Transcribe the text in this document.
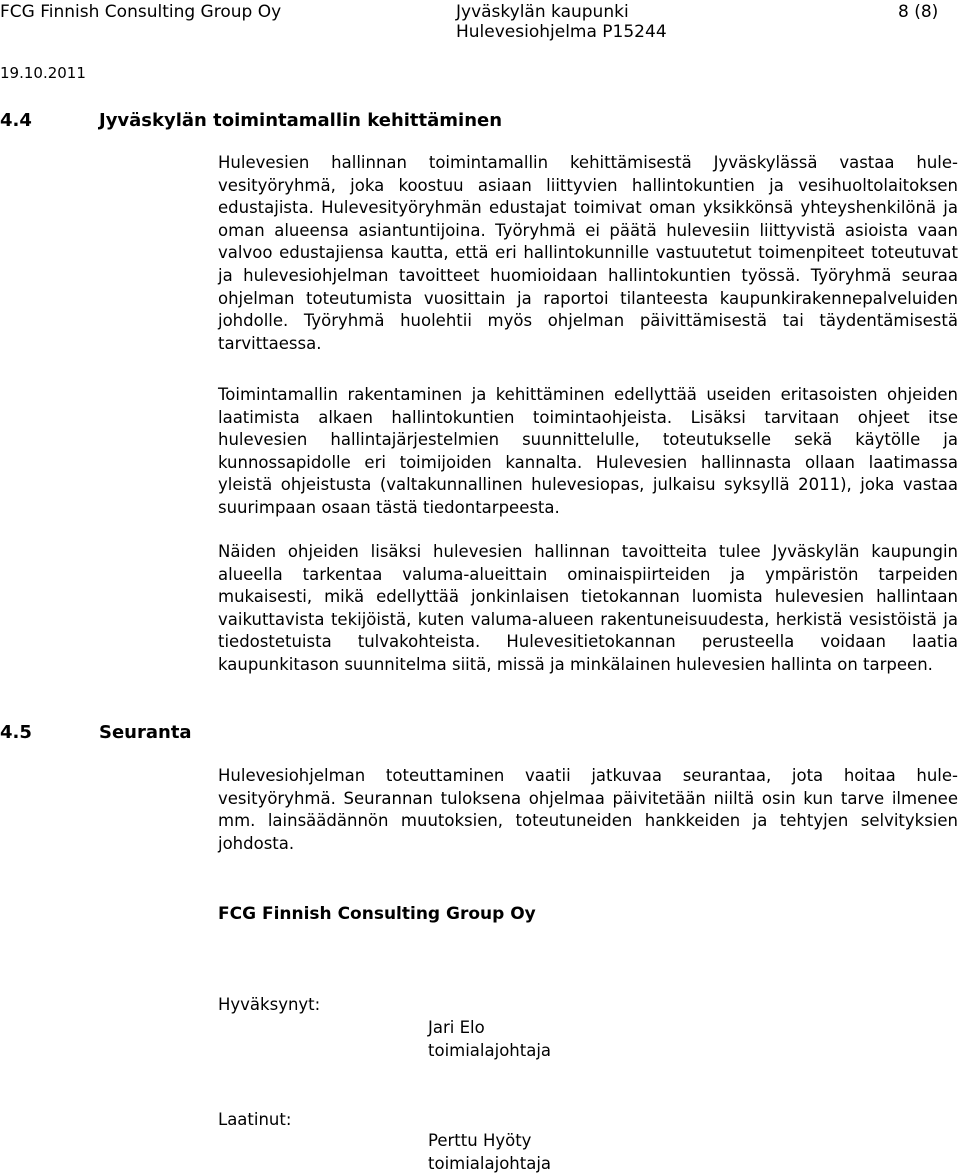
FCG Finnish Consulting Group Oy	Jyväskylän kaupunki
Hulevesiohjelma P15244
8 (8)
19.10.2011
4.4	Jyväskylän toimintamallin kehittäminen

Hulevesien hallinnan toimintamallin kehittämisestä Jyväskylässä vastaa hulevesityöryhmä, joka koostuu asiaan liittyvien hallintokuntien ja vesihuoltolaitoksen edustajista. Hulevesityöryhmän edustajat toimivat oman yksikkönsä yhteyshenkilönä ja oman alueensa asiantuntijoina. Työryhmä ei päätä hulevesiin liittyvistä asioista vaan valvoo edustajiensa kautta, että eri hallintokunnille vastuutetut toimenpiteet toteutuvat ja hulevesiohjelman tavoitteet huomioidaan hallintokuntien työssä. Työryhmä seuraa ohjelman toteutumista vuosittain ja raportoi tilanteesta kaupunkirakennepalveluiden johdolle. Työryhmä huolehtii myös ohjelman päivittämisestä tai täydentämisestä tarvittaessa.

Toimintamallin rakentaminen ja kehittäminen edellyttää useiden eritasoisten ohjeiden laatimista alkaen hallintokuntien toimintaohjeista. Lisäksi tarvitaan ohjeet itse hulevesien hallintajärjestelmien suunnittelulle, toteutukselle sekä käytölle ja kunnossapidolle eri toimijoiden kannalta. Hulevesien hallinnasta ollaan laatimassa yleistä ohjeistusta (valtakunnallinen hulevesiopas, julkaisu syksyllä 2011), joka vastaa suurimpaan osaan tästä tiedontarpeesta.

Näiden ohjeiden lisäksi hulevesien hallinnan tavoitteita tulee Jyväskylän kaupungin alueella tarkentaa valuma-alueittain ominaispiirteiden ja ympäristön tarpeiden mukaisesti, mikä edellyttää jonkinlaisen tietokannan luomista hulevesien hallintaan vaikuttavista tekijöistä, kuten valuma-alueen rakentuneisuudesta, herkistä vesistöistä ja tiedostetuista tulvakohteista. Hulevesitietokannan perusteella voidaan laatia kaupunkitason suunnitelma siitä, missä ja minkälainen hulevesien hallinta on tarpeen.

4.5	Seuranta

Hulevesiohjelman toteuttaminen vaatii jatkuvaa seurantaa, jota hoitaa hulevesityöryhmä. Seurannan tuloksena ohjelmaa päivitetään niiltä osin kun tarve ilmenee mm. lainsäädännön muutoksien, toteutuneiden hankkeiden ja tehtyjen selvityksien johdosta.

FCG Finnish Consulting Group Oy
Hyväksynyt:
Jari Elo
toimialajohtaja
Laatinut:
Perttu Hyöty
toimialajohtaja
